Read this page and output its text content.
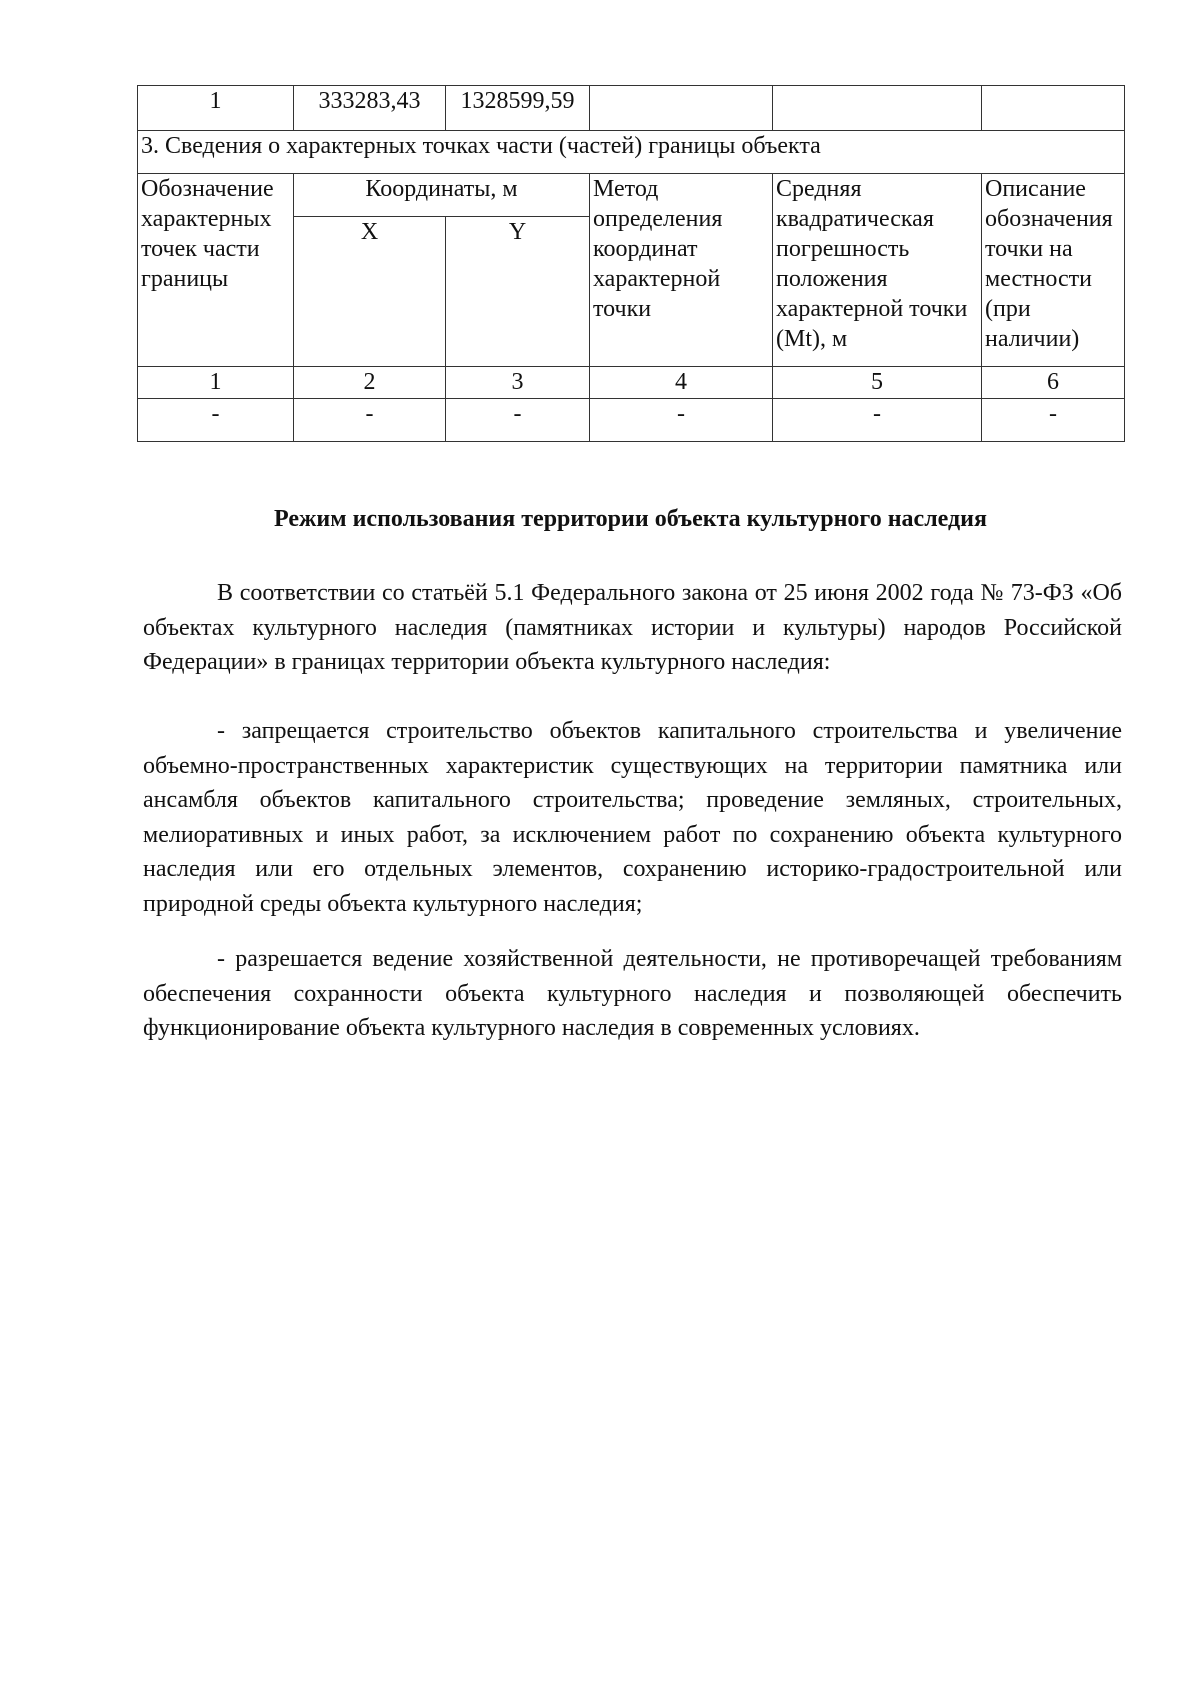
1	333283,43	1328599,59			
3. Сведения о характерных точках части (частей) границы объекта					
Обозначение характерных точек части границы	Координаты, м		Метод определения координат характерной точки	Средняя квадратическая погрешность положения характерной точки (Mt), м	Описание обозначения точки на местности (при наличии)
	X	Y			
1	2	3	4	5	6
-	-	-	-	-	-
Режим использования территории объекта культурного наследия

В соответствии со статьёй 5.1 Федерального закона от 25 июня 2002 года № 73-ФЗ «Об объектах культурного наследия (памятниках истории и культуры) народов Российской Федерации» в границах территории объекта культурного наследия:

- запрещается строительство объектов капитального строительства и увеличение объемно-пространственных характеристик существующих на территории памятника или ансамбля объектов капитального строительства; проведение земляных, строительных, мелиоративных и иных работ, за исключением работ по сохранению объекта культурного наследия или его отдельных элементов, сохранению историко-градостроительной или природной среды объекта культурного наследия;

- разрешается ведение хозяйственной деятельности, не противоречащей требованиям обеспечения сохранности объекта культурного наследия и позволяющей обеспечить функционирование объекта культурного наследия в современных условиях.
